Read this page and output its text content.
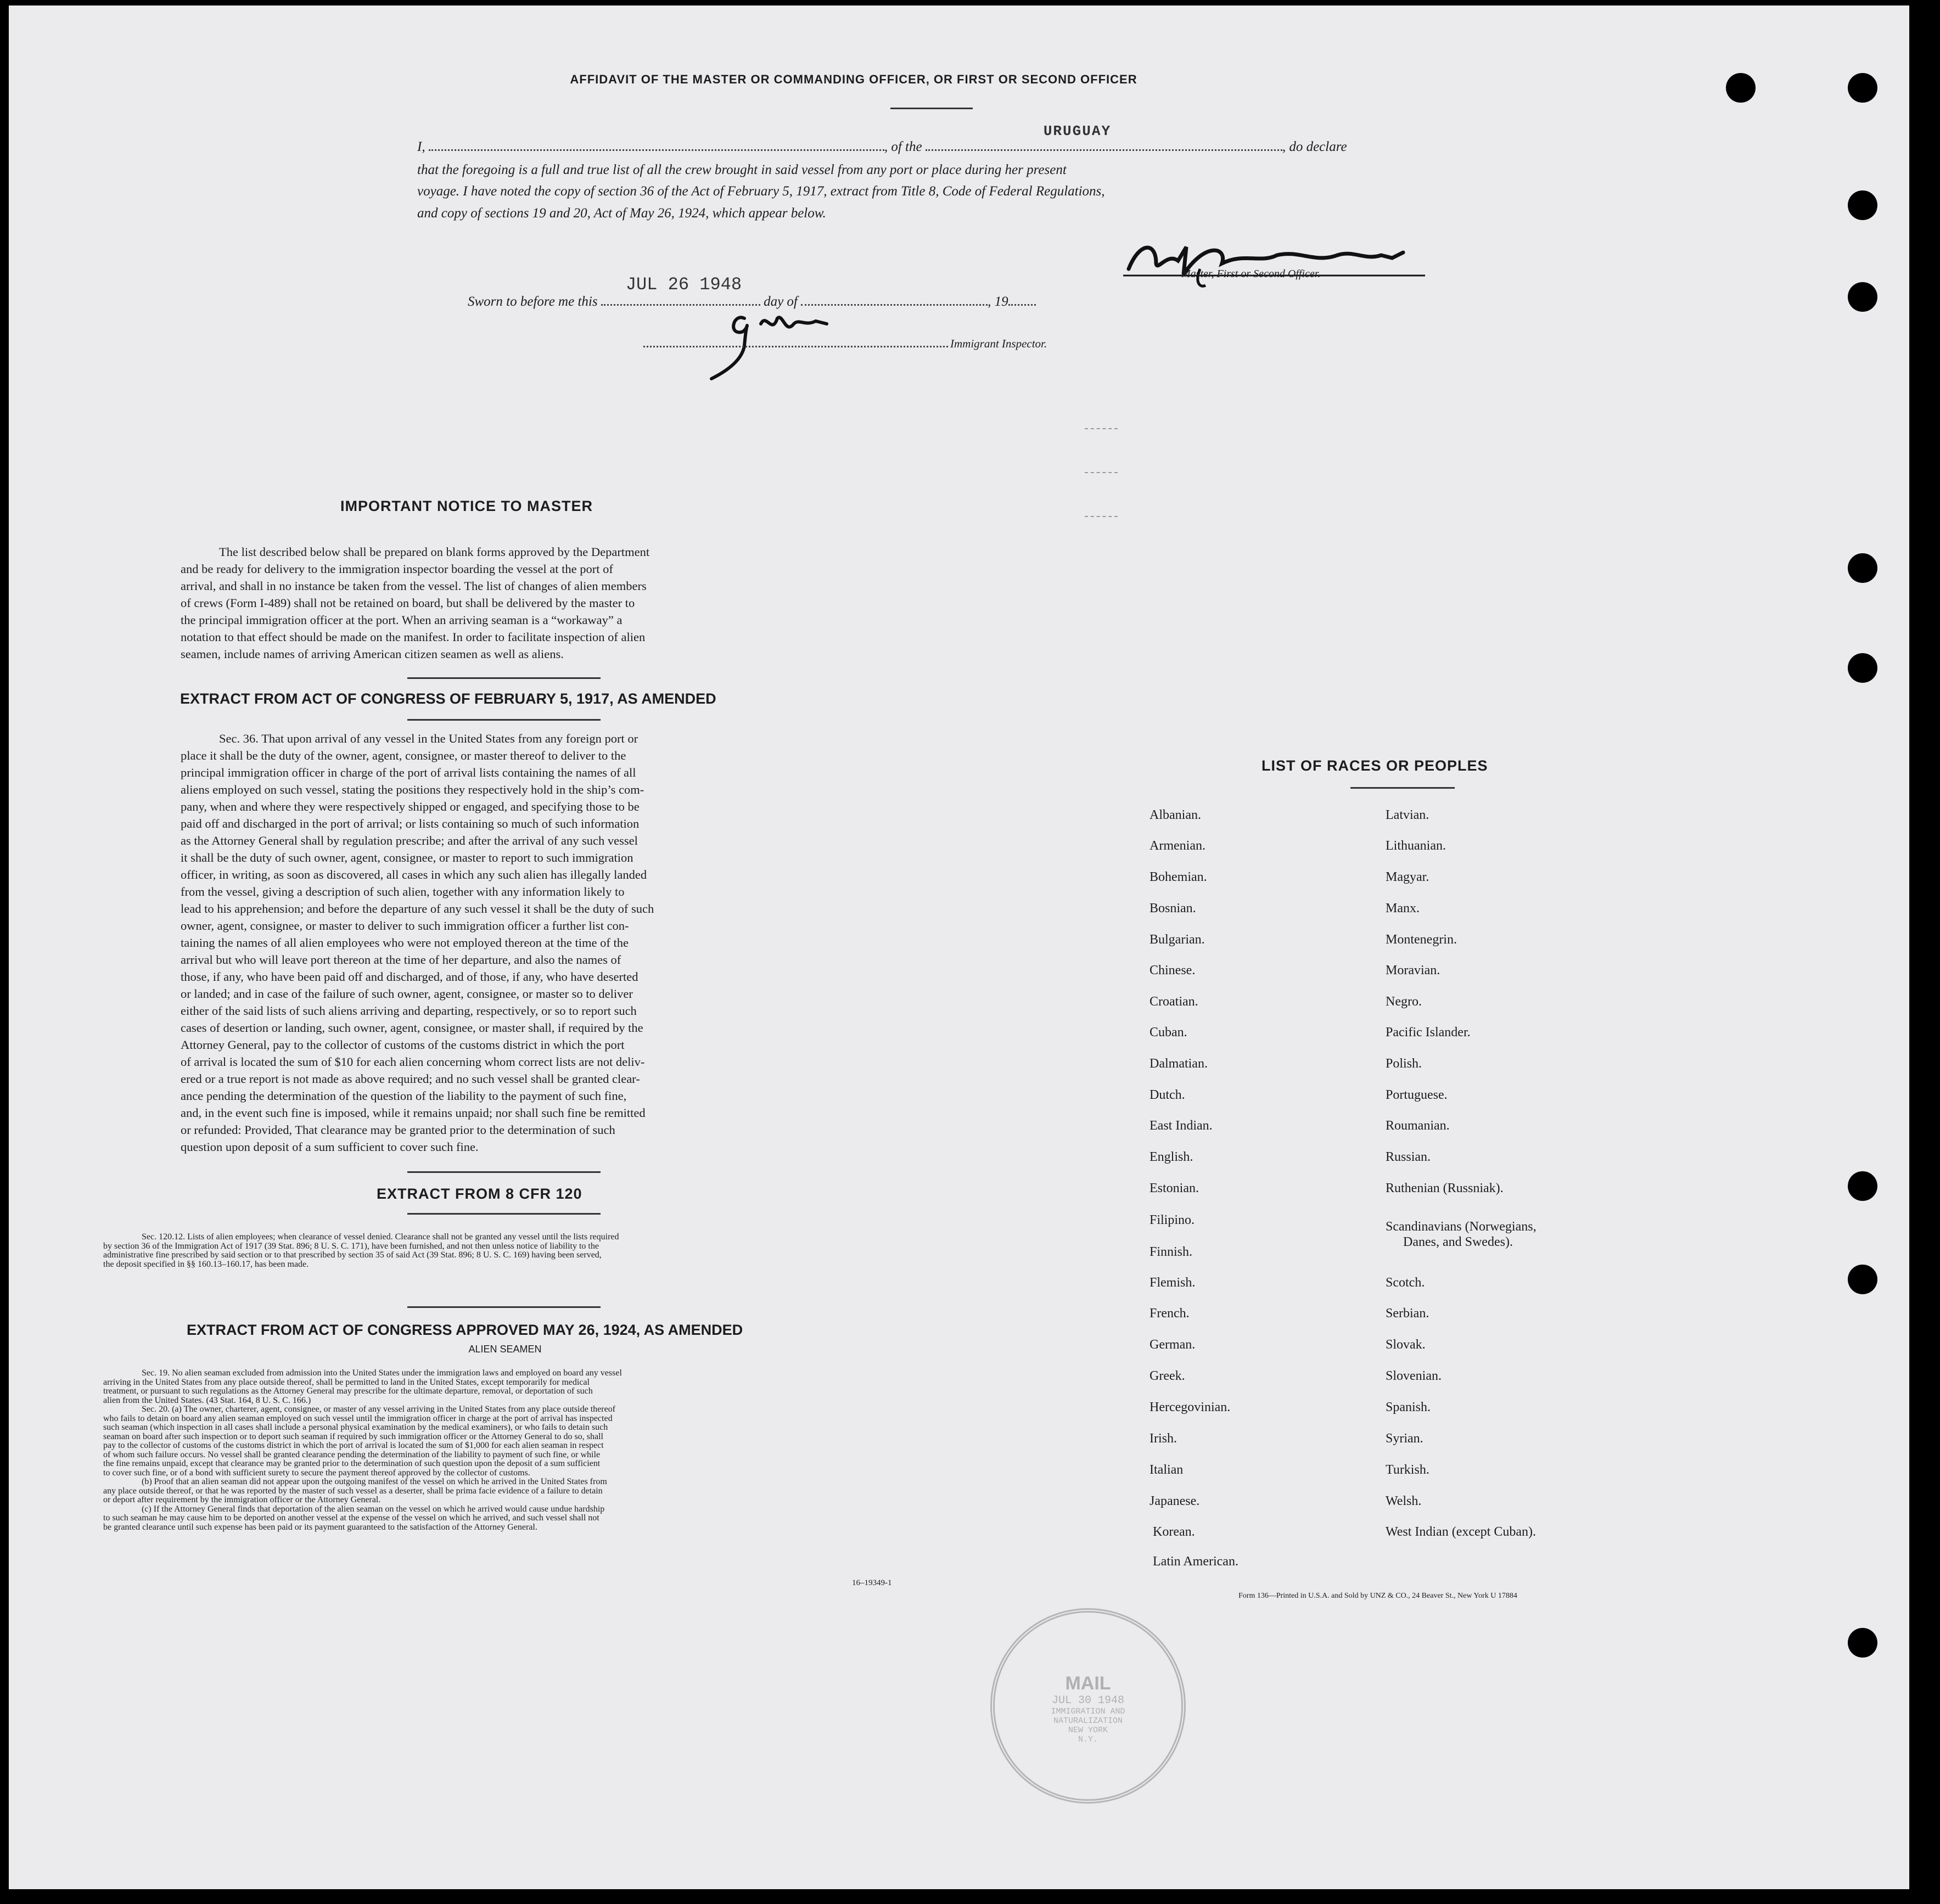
AFFIDAVIT OF THE MASTER OR COMMANDING OFFICER, OR FIRST OR SECOND OFFICER
I,	, of the
URUGUAY
, do declare
that the foregoing is a full and true list of all the crew brought in said vessel from any port or place during her present
voyage. I have noted the copy of section 36 of the Act of February 5, 1917, extract from Title 8, Code of Federal Regulations,
and copy of sections 19 and 20, Act of May 26, 1924, which appear below.
Master, First or Second Officer.
Sworn to before me this
JUL 26 1948
day of	, 19
Immigrant Inspector.
IMPORTANT NOTICE TO MASTER
The list described below shall be prepared on blank forms approved by the Department
and be ready for delivery to the immigration inspector boarding the vessel at the port of
arrival, and shall in no instance be taken from the vessel. The list of changes of alien members
of crews (Form I-489) shall not be retained on board, but shall be delivered by the master to
the principal immigration officer at the port. When an arriving seaman is a “workaway” a
notation to that effect should be made on the manifest. In order to facilitate inspection of alien
seamen, include names of arriving American citizen seamen as well as aliens.
EXTRACT FROM ACT OF CONGRESS OF FEBRUARY 5, 1917, AS AMENDED
Sec. 36. That upon arrival of any vessel in the United States from any foreign port or
place it shall be the duty of the owner, agent, consignee, or master thereof to deliver to the
principal immigration officer in charge of the port of arrival lists containing the names of all
aliens employed on such vessel, stating the positions they respectively hold in the ship’s com-
pany, when and where they were respectively shipped or engaged, and specifying those to be
paid off and discharged in the port of arrival; or lists containing so much of such information
as the Attorney General shall by regulation prescribe; and after the arrival of any such vessel
it shall be the duty of such owner, agent, consignee, or master to report to such immigration
officer, in writing, as soon as discovered, all cases in which any such alien has illegally landed
from the vessel, giving a description of such alien, together with any information likely to
lead to his apprehension; and before the departure of any such vessel it shall be the duty of such
owner, agent, consignee, or master to deliver to such immigration officer a further list con-
taining the names of all alien employees who were not employed thereon at the time of the
arrival but who will leave port thereon at the time of her departure, and also the names of
those, if any, who have been paid off and discharged, and of those, if any, who have deserted
or landed; and in case of the failure of such owner, agent, consignee, or master so to deliver
either of the said lists of such aliens arriving and departing, respectively, or so to report such
cases of desertion or landing, such owner, agent, consignee, or master shall, if required by the
Attorney General, pay to the collector of customs of the customs district in which the port
of arrival is located the sum of $10 for each alien concerning whom correct lists are not deliv-
ered or a true report is not made as above required; and no such vessel shall be granted clear-
ance pending the determination of the question of the liability to the payment of such fine,
and, in the event such fine is imposed, while it remains unpaid; nor shall such fine be remitted
or refunded: Provided, That clearance may be granted prior to the determination of such
question upon deposit of a sum sufficient to cover such fine.
EXTRACT FROM 8 CFR 120
Sec. 120.12. Lists of alien employees; when clearance of vessel denied. Clearance shall not be granted any vessel until the lists required
by section 36 of the Immigration Act of 1917 (39 Stat. 896; 8 U. S. C. 171), have been furnished, and not then unless notice of liability to the
administrative fine prescribed by said section or to that prescribed by section 35 of said Act (39 Stat. 896; 8 U. S. C. 169) having been served,
the deposit specified in §§ 160.13–160.17, has been made.
EXTRACT FROM ACT OF CONGRESS APPROVED MAY 26, 1924, AS AMENDED
ALIEN SEAMEN
Sec. 19. No alien seaman excluded from admission into the United States under the immigration laws and employed on board any vessel
arriving in the United States from any place outside thereof, shall be permitted to land in the United States, except temporarily for medical
treatment, or pursuant to such regulations as the Attorney General may prescribe for the ultimate departure, removal, or deportation of such
alien from the United States. (43 Stat. 164, 8 U. S. C. 166.)
Sec. 20. (a) The owner, charterer, agent, consignee, or master of any vessel arriving in the United States from any place outside thereof
who fails to detain on board any alien seaman employed on such vessel until the immigration officer in charge at the port of arrival has inspected
such seaman (which inspection in all cases shall include a personal physical examination by the medical examiners), or who fails to detain such
seaman on board after such inspection or to deport such seaman if required by such immigration officer or the Attorney General to do so, shall
pay to the collector of customs of the customs district in which the port of arrival is located the sum of $1,000 for each alien seaman in respect
of whom such failure occurs. No vessel shall be granted clearance pending the determination of the liability to payment of such fine, or while
the fine remains unpaid, except that clearance may be granted prior to the determination of such question upon the deposit of a sum sufficient
to cover such fine, or of a bond with sufficient surety to secure the payment thereof approved by the collector of customs.
(b) Proof that an alien seaman did not appear upon the outgoing manifest of the vessel on which he arrived in the United States from
any place outside thereof, or that he was reported by the master of such vessel as a deserter, shall be prima facie evidence of a failure to detain
or deport after requirement by the immigration officer or the Attorney General.
(c) If the Attorney General finds that deportation of the alien seaman on the vessel on which he arrived would cause undue hardship
to such seaman he may cause him to be deported on another vessel at the expense of the vessel on which he arrived, and such vessel shall not
be granted clearance until such expense has been paid or its payment guaranteed to the satisfaction of the Attorney General.
16–19349-1
LIST OF RACES OR PEOPLES
Albanian.
Armenian.
Bohemian.
Bosnian.
Bulgarian.
Chinese.
Croatian.
Cuban.
Dalmatian.
Dutch.
East Indian.
English.
Estonian.
Filipino.
Finnish.
Flemish.
French.
German.
Greek.
Hercegovinian.
Irish.
Italian
Japanese.
Korean.
Latin American.
Latvian.
Lithuanian.
Magyar.
Manx.
Montenegrin.
Moravian.
Negro.
Pacific Islander.
Polish.
Portuguese.
Roumanian.
Russian.
Ruthenian (Russniak).
Scandinavians (Norwegians,
Danes, and Swedes).
Scotch.
Serbian.
Slovak.
Slovenian.
Spanish.
Syrian.
Turkish.
Welsh.
West Indian (except Cuban).
Form 136—Printed in U.S.A. and Sold by UNZ & CO., 24 Beaver St., New York U 17884
MAIL
JUL 30 1948
IMMIGRATION AND
NATURALIZATION
NEW YORK
N.Y.
